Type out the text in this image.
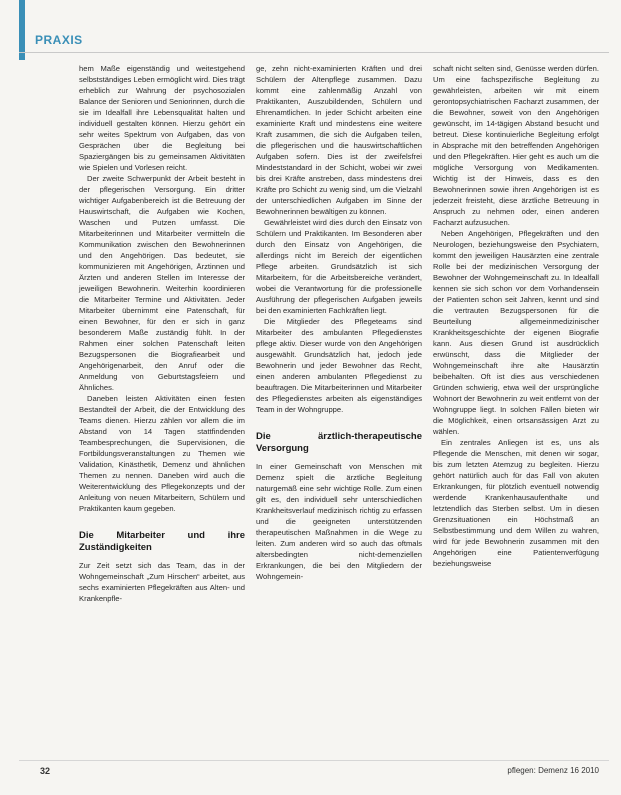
PRAXIS

hem Maße eigenständig und weitestgehend selbstständiges Leben ermöglicht wird. Dies trägt erheblich zur Wahrung der psychosozialen Balance der Senioren und Seniorinnen, durch die sie im Idealfall ihre Lebensqualität halten und individuell gestalten können. Hierzu gehört ein sehr weites Spektrum von Aufgaben, das von Gesprächen über die Begleitung bei Spaziergängen bis zu gemeinsamen Aktivitäten wie Spielen und Vorlesen reicht.

Der zweite Schwerpunkt der Arbeit besteht in der pflegerischen Versorgung. Ein dritter wichtiger Aufgabenbereich ist die Betreuung der Hauswirtschaft, die Aufgaben wie Kochen, Waschen und Putzen umfasst. Die Mitarbeiterinnen und Mitarbeiter vermitteln die Kommunikation zwischen den Bewohnerinnen und den Angehörigen. Das bedeutet, sie kommunizieren mit Angehörigen, Ärztinnen und Ärzten und anderen Stellen im Interesse der jeweiligen Bewohnerin. Weiterhin koordinieren die Mitarbeiter Termine und Aktivitäten. Jeder Mitarbeiter übernimmt eine Patenschaft, für einen Bewohner, für den er sich in ganz besonderem Maße zuständig fühlt. In der Rahmen einer solchen Patenschaft leiten Bezugspersonen die Biografiearbeit und Angehörigenarbeit, den Anruf oder die Anmeldung von Geburtstagsfeiern und Ähnliches.

Daneben leisten Aktivitäten einen festen Bestandteil der Arbeit, die der Entwicklung des Teams dienen. Hierzu zählen vor allem die im Abstand von 14 Tagen stattfindenden Teambesprechungen, die Supervisionen, die Fortbildungsveranstaltungen zu Themen wie Validation, Kinästhetik, Demenz und ähnlichen Themen zu nennen. Daneben wird auch die Weiterentwicklung des Pflegekonzepts und der Anleitung von neuen Mitarbeitern, Schülern und Praktikanten kaum gegeben.

Die Mitarbeiter und ihre Zuständigkeiten

Zur Zeit setzt sich das Team, das in der Wohngemeinschaft „Zum Hirschen“ arbeitet, aus sechs examinierten Pflegekräften aus Alten- und Krankenpfle-

ge, zehn nicht-examinierten Kräften und drei Schülern der Altenpflege zusammen. Dazu kommt eine zahlenmäßig Anzahl von Praktikanten, Auszubildenden, Schülern und Ehrenamtlichen. In jeder Schicht arbeiten eine examinierte Kraft und mindestens eine weitere Kraft zusammen, die sich die Aufgaben teilen, die pflegerischen und die hauswirtschaftlichen Aufgaben sofern. Dies ist der zweifelsfrei Mindeststandard in der Schicht, wobei wir zwei bis drei Kräfte anstreben, dass mindestens drei Kräfte pro Schicht zu wenig sind, um die Vielzahl der unterschiedlichen Aufgaben im Sinne der Bewohnerinnen bewältigen zu können.

Gewährleistet wird dies durch den Einsatz von Schülern und Praktikanten. Im Besonderen aber durch den Einsatz von Angehörigen, die allerdings nicht im Bereich der eigentlichen Pflege arbeiten. Grundsätzlich ist sich Mitarbeitern, für die Arbeitsbereiche verändert, wobei die Verantwortung für die professionelle Ausführung der pflegerischen Aufgaben jeweils bei den examinierten Fachkräften liegt.

Die Mitglieder des Pflegeteams sind Mitarbeiter des ambulanten Pflegedienstes pflege aktiv. Dieser wurde von den Angehörigen ausgewählt. Grundsätzlich hat, jedoch jede Bewohnerin und jeder Bewohner das Recht, einen anderen ambulanten Pflegedienst zu beauftragen. Die Mitarbeiterinnen und Mitarbeiter des Pflegedienstes arbeiten als eigenständiges Team in der Wohngruppe.

Die ärztlich-therapeutische Versorgung

In einer Gemeinschaft von Menschen mit Demenz spielt die ärztliche Begleitung naturgemäß eine sehr wichtige Rolle. Zum einen gilt es, den individuell sehr unterschiedlichen Krankheitsverlauf medizinisch richtig zu erfassen und die geeigneten unterstützenden therapeutischen Maßnahmen in die Wege zu leiten. Zum anderen wird so auch das oftmals altersbedingten nicht-demenziellen Erkrankungen, die bei den Mitgliedern der Wohngemein-

schaft nicht selten sind, Genüsse werden dürfen. Um eine fachspezifische Begleitung zu gewährleisten, arbeiten wir mit einem gerontopsychiatrischen Facharzt zusammen, der die Bewohner, soweit von den Angehörigen gewünscht, im 14-tägigen Abstand besucht und betreut. Diese kontinuierliche Begleitung erfolgt in Absprache mit den betreffenden Angehörigen und den Pflegekräften. Hier geht es auch um die mögliche Versorgung von Medikamenten. Wichtig ist der Hinweis, dass es den Bewohnerinnen sowie ihren Angehörigen ist es jederzeit freisteht, diese ärztliche Betreuung in Anspruch zu nehmen oder, einen anderen Facharzt aufzusuchen.

Neben Angehörigen, Pflegekräften und den Neurologen, beziehungsweise den Psychiatern, kommt den jeweiligen Hausärzten eine zentrale Rolle bei der medizinischen Versorgung der Bewohner der Wohngemeinschaft zu. In Idealfall kennen sie sich schon vor dem Vorhandensein der Patienten schon seit Jahren, kennt und sind die vertrauten Bezugspersonen für die Beurteilung allgemeinmedizinischer Krankheitsgeschichte der eigenen Biografie kann. Aus diesen Grund ist ausdrücklich erwünscht, dass die Mitglieder der Wohngemeinschaft ihre alte Hausärztin beibehalten. Oft ist dies aus verschiedenen Gründen schwierig, etwa weil der ursprüngliche Wohnort der Bewohnerin zu weit entfernt von der Wohngruppe liegt. In solchen Fällen bieten wir die Möglichkeit, einen ortsansässigen Arzt zu wählen.

Ein zentrales Anliegen ist es, uns als Pflegende die Menschen, mit denen wir sogar, bis zum letzten Atemzug zu begleiten. Hierzu gehört natürlich auch für das Fall von akuten Erkrankungen, für plötzlich eventuell notwendig werdende Krankenhausaufenthalte und letztendlich das Sterben selbst. Um in diesen Grenzsituationen ein Höchstmaß an Selbstbestimmung und dem Willen zu wahren, wird für jede Bewohnerin zusammen mit den Angehörigen eine Patientenverfügung beziehungsweise

32	pflegen: Demenz 16 2010
